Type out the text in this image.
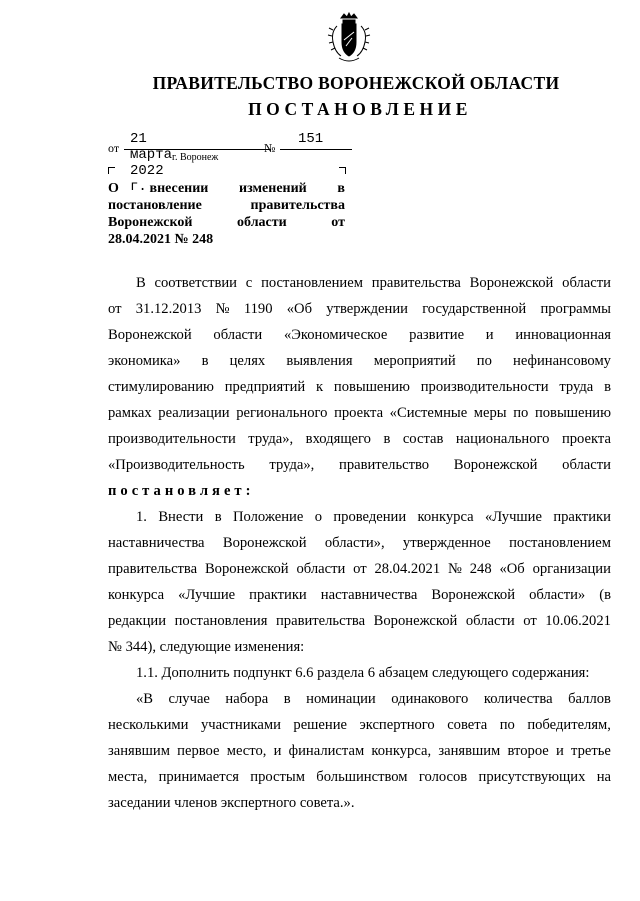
ПРАВИТЕЛЬСТВО ВОРОНЕЖСКОЙ ОБЛАСТИ
ПОСТАНОВЛЕНИЕ
от
21 марта 2022 г.
№
151
г. Воронеж
О внесении изменений в
постановление	правительства
Воронежской	области	от
28.04.2021 № 248
В соответствии с постановлением правительства Воронежской области
от 31.12.2013 № 1190 «Об утверждении государственной программы
Воронежской области «Экономическое развитие и инновационная
экономика» в целях выявления мероприятий по нефинансовому
стимулированию предприятий к повышению производительности труда в
рамках реализации регионального проекта «Системные меры по повышению
производительности труда», входящего в состав национального проекта
«Производительность труда», правительство Воронежской области
постановляет:
1. Внести в Положение о проведении конкурса «Лучшие практики
наставничества Воронежской области», утвержденное постановлением
правительства Воронежской области от 28.04.2021 № 248 «Об организации
конкурса «Лучшие практики наставничества Воронежской области» (в
редакции постановления правительства Воронежской области от 10.06.2021
№ 344), следующие изменения:
1.1. Дополнить подпункт 6.6 раздела 6 абзацем следующего содержания:
«В случае набора в номинации одинакового количества баллов
несколькими участниками решение экспертного совета по победителям,
занявшим первое место, и финалистам конкурса, занявшим второе и третье
места, принимается простым большинством голосов присутствующих на
заседании членов экспертного совета.».
